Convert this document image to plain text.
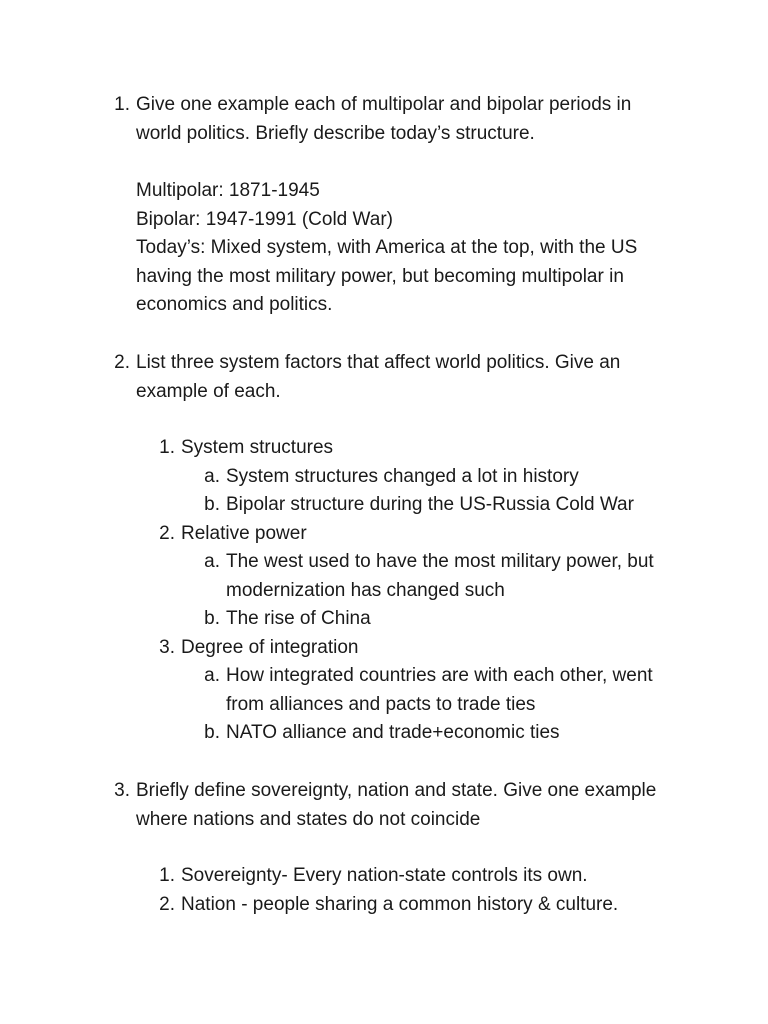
1. Give one example each of multipolar and bipolar periods in
world politics. Briefly describe today’s structure.
Multipolar: 1871-1945
Bipolar: 1947-1991 (Cold War)
Today’s: Mixed system, with America at the top, with the US
having the most military power, but becoming multipolar in
economics and politics.
2. List three system factors that affect world politics. Give an
example of each.
1. System structures
a. System structures changed a lot in history
b. Bipolar structure during the US-Russia Cold War
2. Relative power
a. The west used to have the most military power, but
modernization has changed such
b. The rise of China
3. Degree of integration
a. How integrated countries are with each other, went
from alliances and pacts to trade ties
b. NATO alliance and trade+economic ties
3. Briefly define sovereignty, nation and state. Give one example
where nations and states do not coincide
1. Sovereignty- Every nation-state controls its own.
2. Nation - people sharing a common history & culture.
